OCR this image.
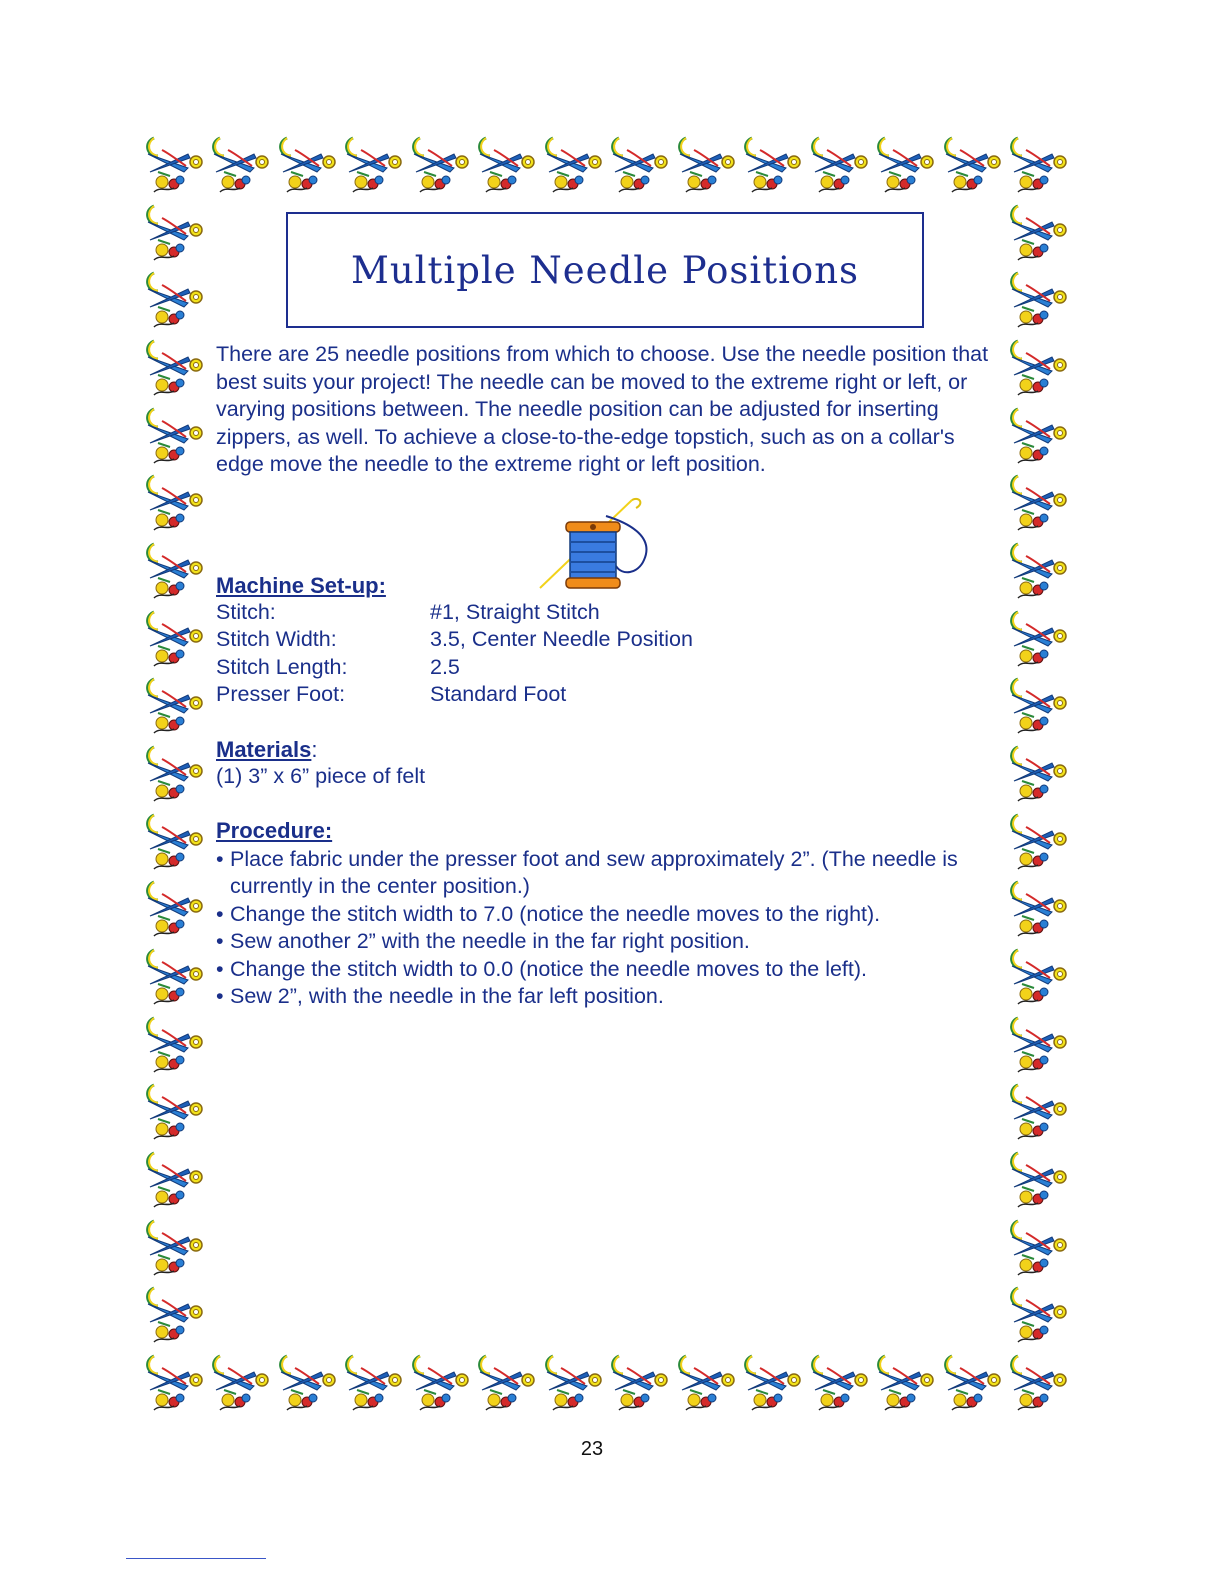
Multiple Needle Positions

There are 25 needle positions from which to choose. Use the needle position that best suits your project! The needle can be moved to the extreme right or left, or varying positions between. The needle position can be adjusted for inserting zippers, as well. To achieve a close-to-the-edge topstich, such as on a collar's edge move the needle to the extreme right or left position.

Machine Set-up:
Stitch:	#1, Straight Stitch
Stitch Width:	3.5, Center Needle Position
Stitch Length:	2.5
Presser Foot:	Standard Foot
Materials:

(1) 3” x 6” piece of felt

Procedure:
• Place fabric under the presser foot and sew approximately 2”. (The needle is currently in the center position.)
• Change the stitch width to 7.0 (notice the needle moves to the right).
• Sew another 2” with the needle in the far right position.
• Change the stitch width to 0.0 (notice the needle moves to the left).
• Sew 2”, with the needle in the far left position.
23
